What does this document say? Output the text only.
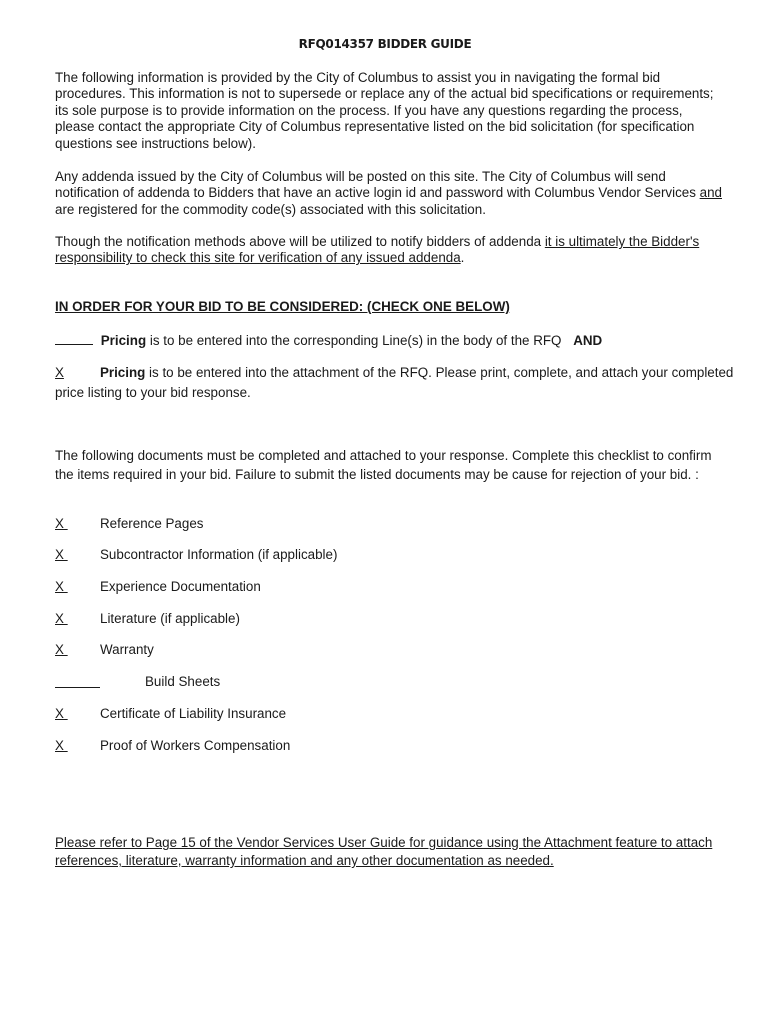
RFQ014357 BIDDER GUIDE

The following information is provided by the City of Columbus to assist you in navigating the formal bid procedures. This information is not to supersede or replace any of the actual bid specifications or requirements; its sole purpose is to provide information on the process. If you have any questions regarding the process, please contact the appropriate City of Columbus representative listed on the bid solicitation (for specification questions see instructions below).

Any addenda issued by the City of Columbus will be posted on this site. The City of Columbus will send notification of addenda to Bidders that have an active login id and password with Columbus Vendor Services and are registered for the commodity code(s) associated with this solicitation.

Though the notification methods above will be utilized to notify bidders of addenda it is ultimately the Bidder's responsibility to check this site for verification of any issued addenda.

IN ORDER FOR YOUR BID TO BE CONSIDERED: (CHECK ONE BELOW)
Pricing is to be entered into the corresponding Line(s) in the body of the RFQ AND
X	Pricing is to be entered into the attachment of the RFQ. Please print, complete, and attach your completed price listing to your bid response.

The following documents must be completed and attached to your response. Complete this checklist to confirm the items required in your bid. Failure to submit the listed documents may be cause for rejection of your bid. :

X	Reference Pages
X	Subcontractor Information (if applicable)
X	Experience Documentation
X	Literature (if applicable)
X	Warranty
Build Sheets
X	Certificate of Liability Insurance
X	Proof of Workers Compensation
Please refer to Page 15 of the Vendor Services User Guide for guidance using the Attachment feature to attach references, literature, warranty information and any other documentation as needed.
